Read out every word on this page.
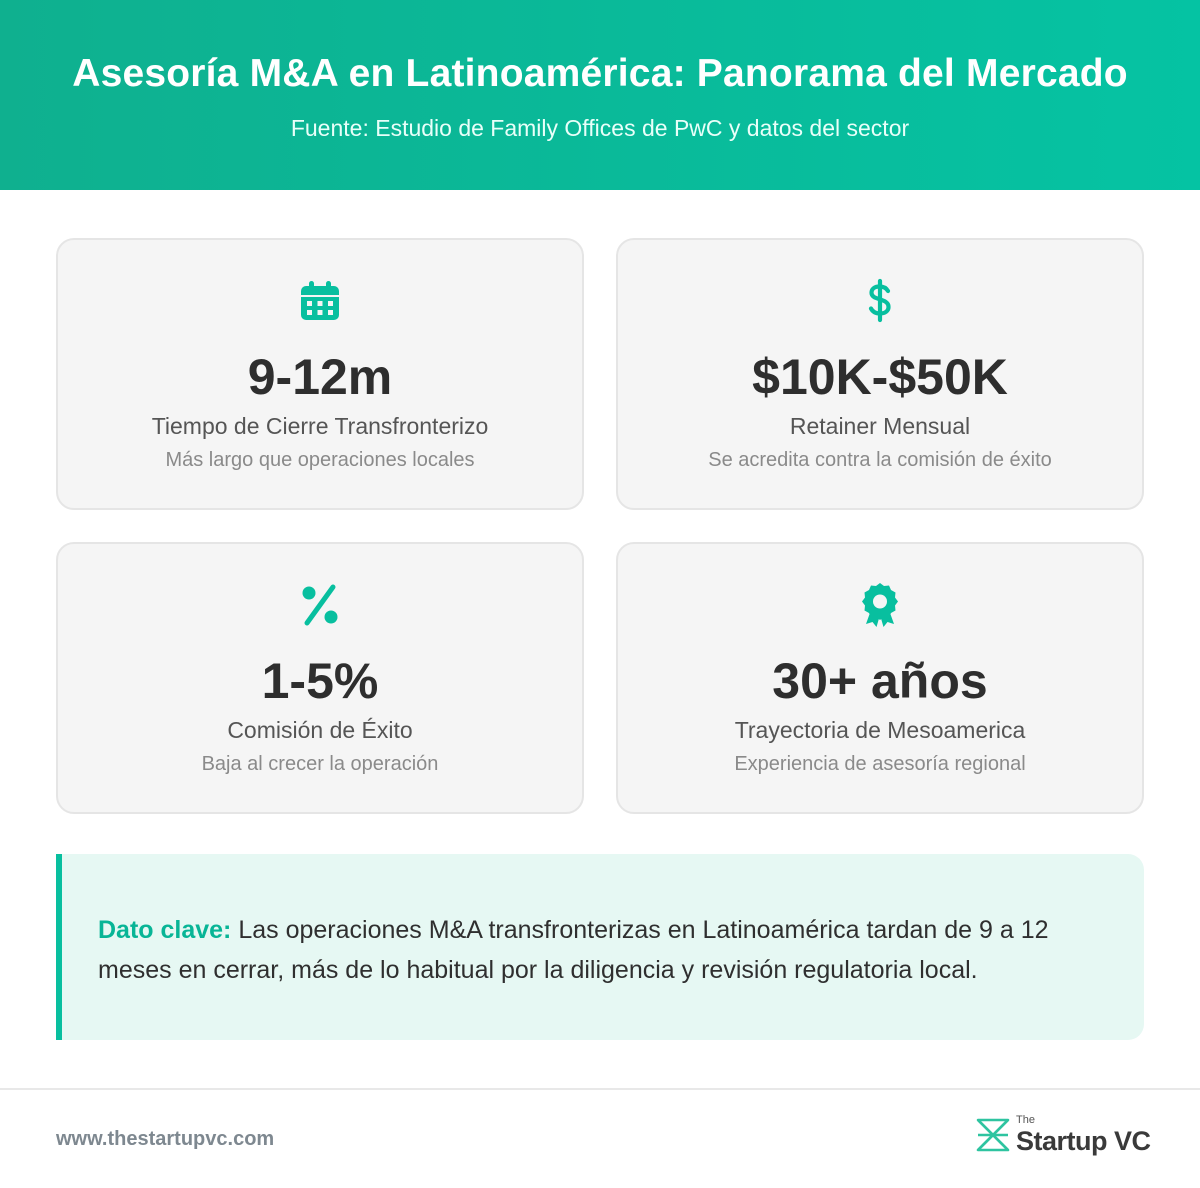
Asesoría M&A en Latinoamérica: Panorama del Mercado
Fuente: Estudio de Family Offices de PwC y datos del sector
9-12m
Tiempo de Cierre Transfronterizo
Más largo que operaciones locales
$10K-$50K
Retainer Mensual
Se acredita contra la comisión de éxito
1-5%
Comisión de Éxito
Baja al crecer la operación
30+ años
Trayectoria de Mesoamerica
Experiencia de asesoría regional
Dato clave: Las operaciones M&A transfronterizas en Latinoamérica tardan de 9 a 12 meses en cerrar, más de lo habitual por la diligencia y revisión regulatoria local.
www.thestartupvc.com
The
Startup VC
